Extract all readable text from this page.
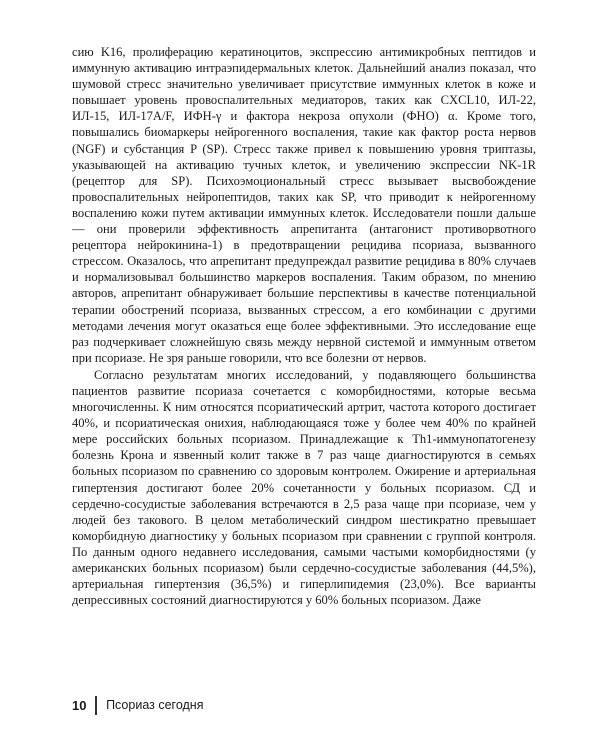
сию K16, пролиферацию кератиноцитов, экспрессию антимикробных пептидов и иммунную активацию интраэпидермальных клеток. Дальнейший анализ показал, что шумовой стресс значительно увеличивает присутствие иммунных клеток в коже и повышает уровень провоспалительных медиаторов, таких как CXCL10, ИЛ-22, ИЛ-15, ИЛ-17A/F, ИФН-γ и фактора некроза опухоли (ФНО) α. Кроме того, повышались биомаркеры нейрогенного воспаления, такие как фактор роста нервов (NGF) и субстанция P (SP). Стресс также привел к повышению уровня триптазы, указывающей на активацию тучных клеток, и увеличению экспрессии NK-1R (рецептор для SP). Психоэмоциональный стресс вызывает высвобождение провоспалительных нейропептидов, таких как SP, что приводит к нейрогенному воспалению кожи путем активации иммунных клеток. Исследователи пошли дальше — они проверили эффективность апрепитанта (антагонист противорвотного рецептора нейрокинина-1) в предотвращении рецидива псориаза, вызванного стрессом. Оказалось, что апрепитант предупреждал развитие рецидива в 80% случаев и нормализовывал большинство маркеров воспаления. Таким образом, по мнению авторов, апрепитант обнаруживает большие перспективы в качестве потенциальной терапии обострений псориаза, вызванных стрессом, а его комбинации с другими методами лечения могут оказаться еще более эффективными. Это исследование еще раз подчеркивает сложнейшую связь между нервной системой и иммунным ответом при псориазе. Не зря раньше говорили, что все болезни от нервов.

Согласно результатам многих исследований, у подавляющего большинства пациентов развитие псориаза сочетается с коморбидностями, которые весьма многочисленны. К ним относятся псориатический артрит, частота которого достигает 40%, и псориатическая онихия, наблюдающаяся тоже у более чем 40% по крайней мере российских больных псориазом. Принадлежащие к Th1-иммунопатогенезу болезнь Крона и язвенный колит также в 7 раз чаще диагностируются в семьях больных псориазом по сравнению со здоровым контролем. Ожирение и артериальная гипертензия достигают более 20% сочетанности у больных псориазом. СД и сердечно-сосудистые заболевания встречаются в 2,5 раза чаще при псориазе, чем у людей без такового. В целом метаболический синдром шестикратно превышает коморбидную диагностику у больных псориазом при сравнении с группой контроля. По данным одного недавнего исследования, самыми частыми коморбидностями (у американских больных псориазом) были сердечно-сосудистые заболевания (44,5%), артериальная гипертензия (36,5%) и гиперлипидемия (23,0%). Все варианты депрессивных состояний диагностируются у 60% больных псориазом. Даже

10 Псориаз сегодня
